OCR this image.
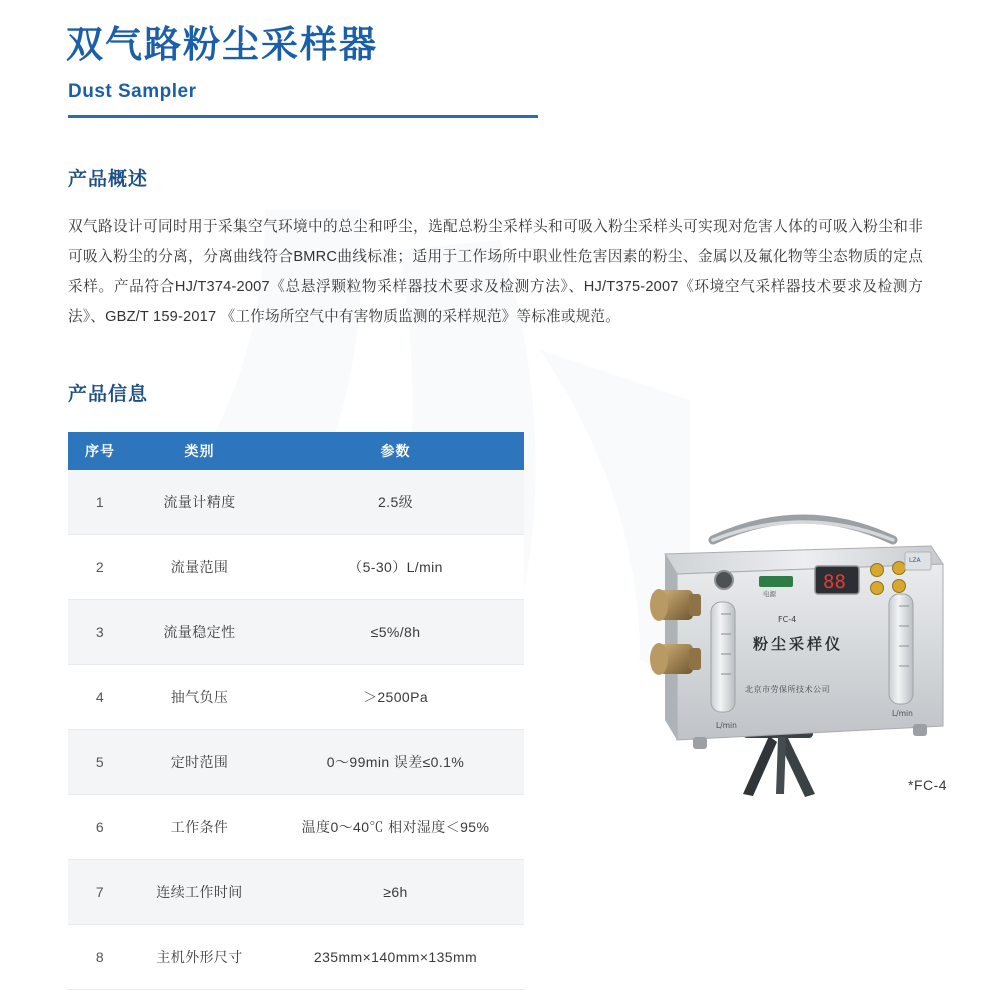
双气路粉尘采样器
Dust Sampler
产品概述
双气路设计可同时用于采集空气环境中的总尘和呼尘，选配总粉尘采样头和可吸入粉尘采样头可实现对危害人体的可吸入粉尘和非可吸入粉尘的分离，分离曲线符合BMRC曲线标准；适用于工作场所中职业性危害因素的粉尘、金属以及氟化物等尘态物质的定点采样。产品符合HJ/T374-2007《总悬浮颗粒物采样器技术要求及检测方法》、HJ/T375-2007《环境空气采样器技术要求及检测方法》、GBZ/T 159-2017 《工作场所空气中有害物质监测的采样规范》等标准或规范。
产品信息
序号	类别	参数
1	流量计精度	2.5级
2	流量范围	（5-30）L/min
3	流量稳定性	≤5%/8h
4	抽气负压	＞2500Pa
5	定时范围	0～99min 误差≤0.1%
6	工作条件	温度0～40℃ 相对湿度＜95%
7	连续工作时间	≥6h
8	主机外形尺寸	235mm×140mm×135mm
L/min
L/min
电源
88
LZA
FC-4
粉尘采样仪
北京市劳保所技术公司
*FC-4
